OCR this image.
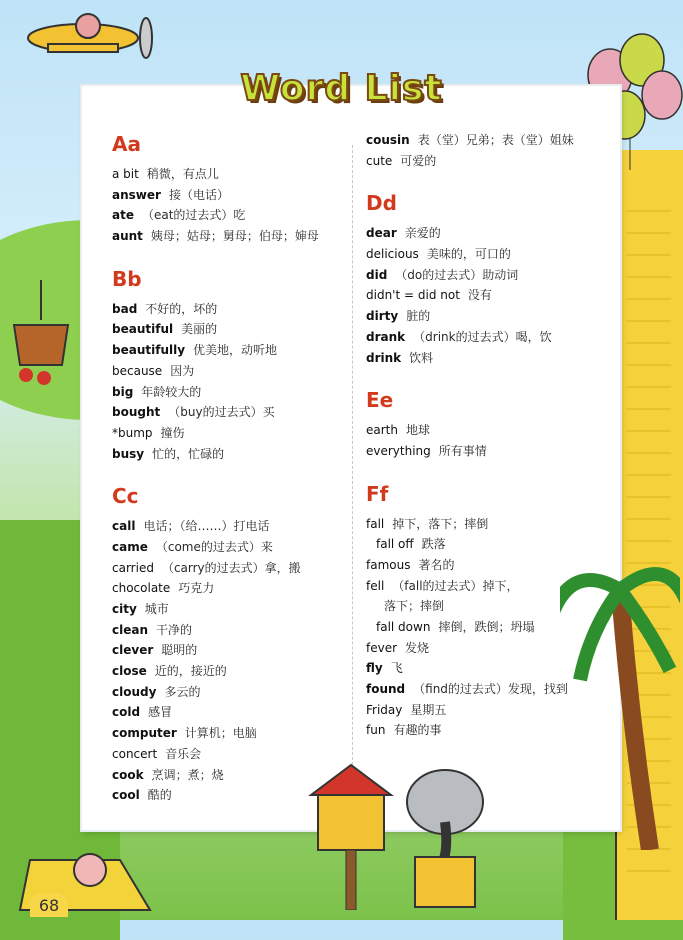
Word List
Aa
a bit 稍微，有点儿
answer 接（电话）
ate （eat的过去式）吃
aunt 姨母；姑母；舅母；伯母；婶母
Bb
bad 不好的，坏的
beautiful 美丽的
beautifully 优美地，动听地
because 因为
big 年龄较大的
bought （buy的过去式）买
*bump 撞伤
busy 忙的，忙碌的
Cc
call 电话；（给……）打电话
came （come的过去式）来
carried （carry的过去式）拿，搬
chocolate 巧克力
city 城市
clean 干净的
clever 聪明的
close 近的，接近的
cloudy 多云的
cold 感冒
computer 计算机；电脑
concert 音乐会
cook 烹调；煮；烧
cool 酷的
cousin 表（堂）兄弟；表（堂）姐妹
cute 可爱的
Dd
dear 亲爱的
delicious 美味的，可口的
did （do的过去式）助动词
didn't = did not 没有
dirty 脏的
drank （drink的过去式）喝，饮
drink 饮料
Ee
earth 地球
everything 所有事情
Ff
fall 掉下，落下；摔倒
fall off 跌落
famous 著名的
fell （fall的过去式）掉下，
落下；摔倒
fall down 摔倒，跌倒；坍塌
fever 发烧
fly 飞
found （find的过去式）发现，找到
Friday 星期五
fun 有趣的事
68
